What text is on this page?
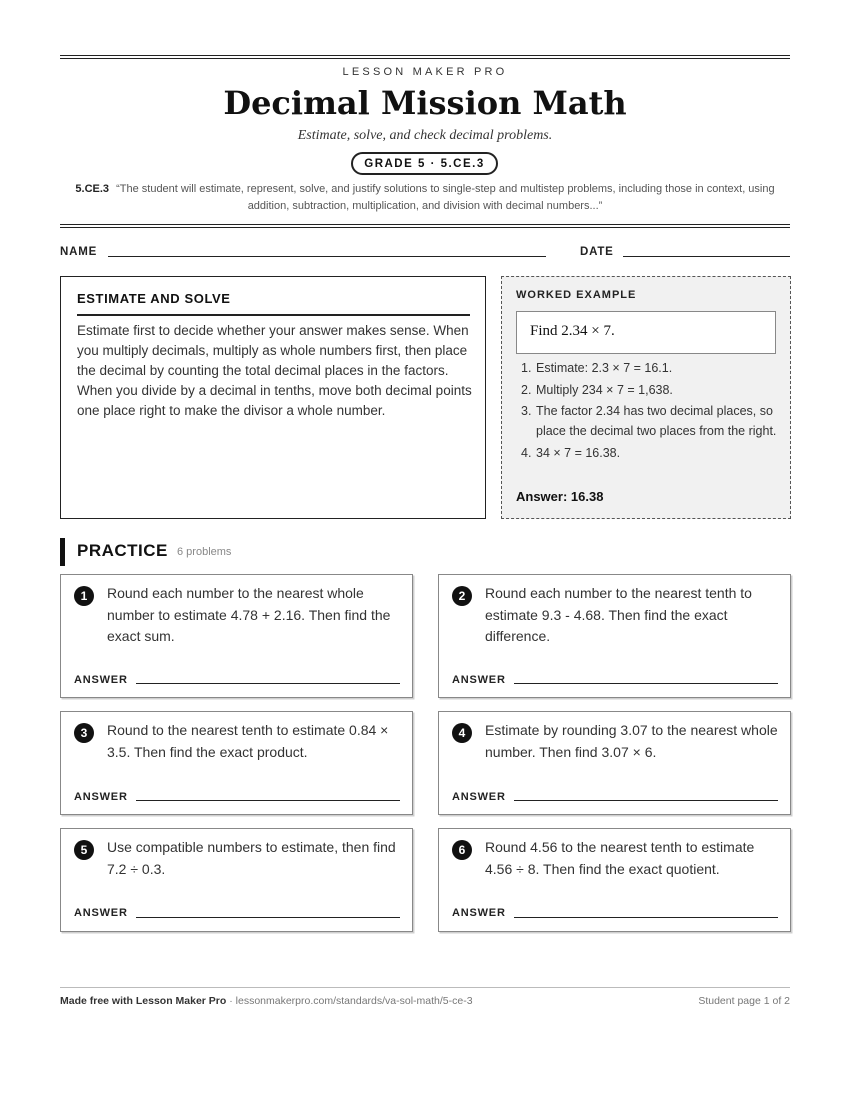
LESSON MAKER PRO
Decimal Mission Math
Estimate, solve, and check decimal problems.
GRADE 5 · 5.CE.3
5.CE.3 “The student will estimate, represent, solve, and justify solutions to single-step and multistep problems, including those in context, using addition, subtraction, multiplication, and division with decimal numbers...”
NAME	DATE
ESTIMATE AND SOLVE
Estimate first to decide whether your answer makes sense. When you multiply decimals, multiply as whole numbers first, then place the decimal by counting the total decimal places in the factors. When you divide by a decimal in tenths, move both decimal points one place right to make the divisor a whole number.
WORKED EXAMPLE
Find 2.34 × 7.
1. Estimate: 2.3 × 7 = 16.1.
2. Multiply 234 × 7 = 1,638.
3. The factor 2.34 has two decimal places, so place the decimal two places from the right.
4. 34 × 7 = 16.38.
Answer: 16.38
PRACTICE 6 problems
1	Round each number to the nearest whole number to estimate 4.78 + 2.16. Then find the exact sum.
ANSWER
2	Round each number to the nearest tenth to estimate 9.3 - 4.68. Then find the exact difference.
ANSWER
3	Round to the nearest tenth to estimate 0.84 × 3.5. Then find the exact product.
ANSWER
4	Estimate by rounding 3.07 to the nearest whole number. Then find 3.07 × 6.
ANSWER
5	Use compatible numbers to estimate, then find 7.2 ÷ 0.3.
ANSWER
6	Round 4.56 to the nearest tenth to estimate 4.56 ÷ 8. Then find the exact quotient.
ANSWER
Made free with Lesson Maker Pro · lessonmakerpro.com/standards/va-sol-math/5-ce-3	Student page 1 of 2
